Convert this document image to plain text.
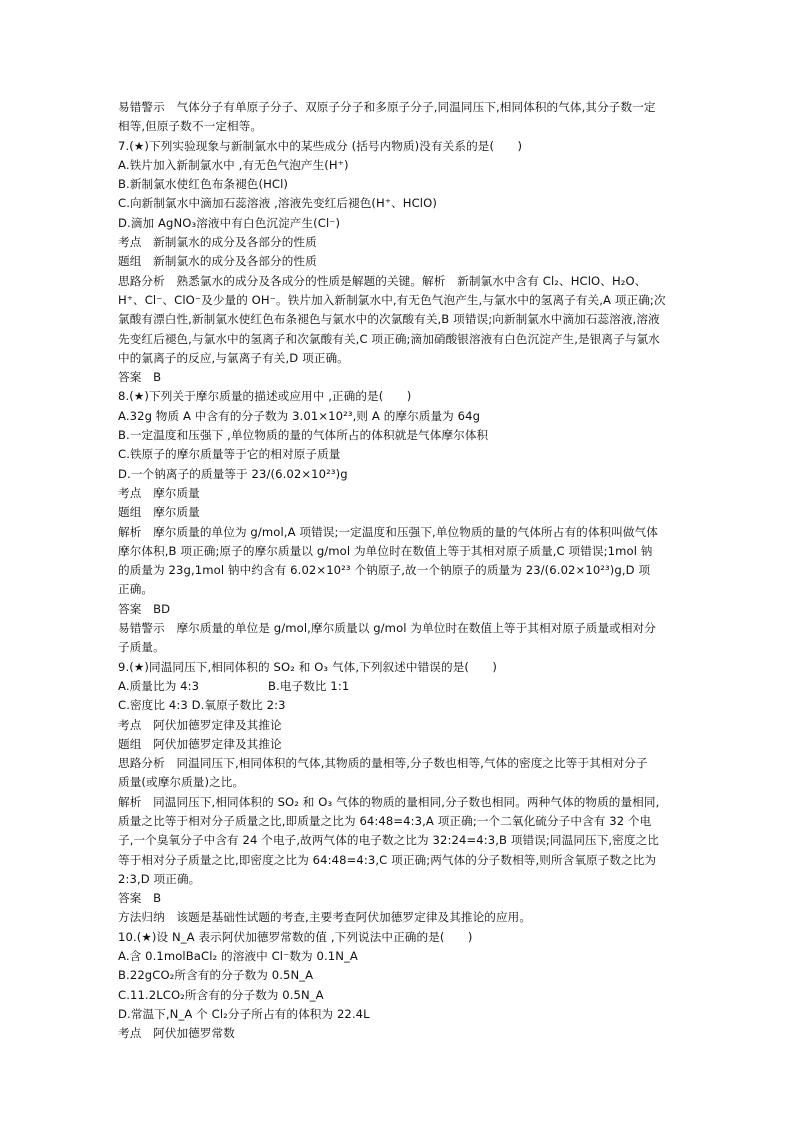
易错警示　气体分子有单原子分子、双原子分子和多原子分子,同温同压下,相同体积的气体,其分子数一定
相等,但原子数不一定相等。
7.(★)下列实验现象与新制氯水中的某些成分 (括号内物质)没有关系的是(　　)
A.铁片加入新制氯水中 ,有无色气泡产生(H⁺)
B.新制氯水使红色布条褪色(HCl)
C.向新制氯水中滴加石蕊溶液 ,溶液先变红后褪色(H⁺、HClO)
D.滴加 AgNO₃溶液中有白色沉淀产生(Cl⁻)
考点　新制氯水的成分及各部分的性质
题组　新制氯水的成分及各部分的性质
思路分析　熟悉氯水的成分及各成分的性质是解题的关键。解析　新制氯水中含有 Cl₂、HClO、H₂O、
H⁺、Cl⁻、ClO⁻及少量的 OH⁻。铁片加入新制氯水中,有无色气泡产生,与氯水中的氢离子有关,A 项正确;次
氯酸有漂白性,新制氯水使红色布条褪色与氯水中的次氯酸有关,B 项错误;向新制氯水中滴加石蕊溶液,溶液
先变红后褪色,与氯水中的氢离子和次氯酸有关,C 项正确;滴加硝酸银溶液有白色沉淀产生,是银离子与氯水
中的氯离子的反应,与氯离子有关,D 项正确。
答案　B
8.(★)下列关于摩尔质量的描述或应用中 ,正确的是(　　)
A.32g 物质 A 中含有的分子数为 3.01×10²³,则 A 的摩尔质量为 64g
B.一定温度和压强下 ,单位物质的量的气体所占的体积就是气体摩尔体积
C.铁原子的摩尔质量等于它的相对原子质量
D.一个钠离子的质量等于 23/(6.02×10²³)g
考点　摩尔质量
题组　摩尔质量
解析　摩尔质量的单位为 g/mol,A 项错误;一定温度和压强下,单位物质的量的气体所占有的体积叫做气体
摩尔体积,B 项正确;原子的摩尔质量以 g/mol 为单位时在数值上等于其相对原子质量,C 项错误;1mol 钠
的质量为 23g,1mol 钠中约含有 6.02×10²³ 个钠原子,故一个钠原子的质量为 23/(6.02×10²³)g,D 项
正确。
答案　BD
易错警示　摩尔质量的单位是 g/mol,摩尔质量以 g/mol 为单位时在数值上等于其相对原子质量或相对分
子质量。
9.(★)同温同压下,相同体积的 SO₂ 和 O₃ 气体,下列叙述中错误的是(　　)
A.质量比为 4:3	B.电子数比 1:1
C.密度比 4:3 D.氧原子数比 2:3
考点　阿伏加德罗定律及其推论
题组　阿伏加德罗定律及其推论
思路分析　同温同压下,相同体积的气体,其物质的量相等,分子数也相等,气体的密度之比等于其相对分子
质量(或摩尔质量)之比。
解析　同温同压下,相同体积的 SO₂ 和 O₃ 气体的物质的量相同,分子数也相同。两种气体的物质的量相同,
质量之比等于相对分子质量之比,即质量之比为 64:48=4:3,A 项正确;一个二氧化硫分子中含有 32 个电
子,一个臭氧分子中含有 24 个电子,故两气体的电子数之比为 32:24=4:3,B 项错误;同温同压下,密度之比
等于相对分子质量之比,即密度之比为 64:48=4:3,C 项正确;两气体的分子数相等,则所含氧原子数之比为
2:3,D 项正确。
答案　B
方法归纳　该题是基础性试题的考查,主要考查阿伏加德罗定律及其推论的应用。
10.(★)设 N_A 表示阿伏加德罗常数的值 ,下列说法中正确的是(　　)
A.含 0.1molBaCl₂ 的溶液中 Cl⁻数为 0.1N_A
B.22gCO₂所含有的分子数为 0.5N_A
C.11.2LCO₂所含有的分子数为 0.5N_A
D.常温下,N_A 个 Cl₂分子所占有的体积为 22.4L
考点　阿伏加德罗常数
